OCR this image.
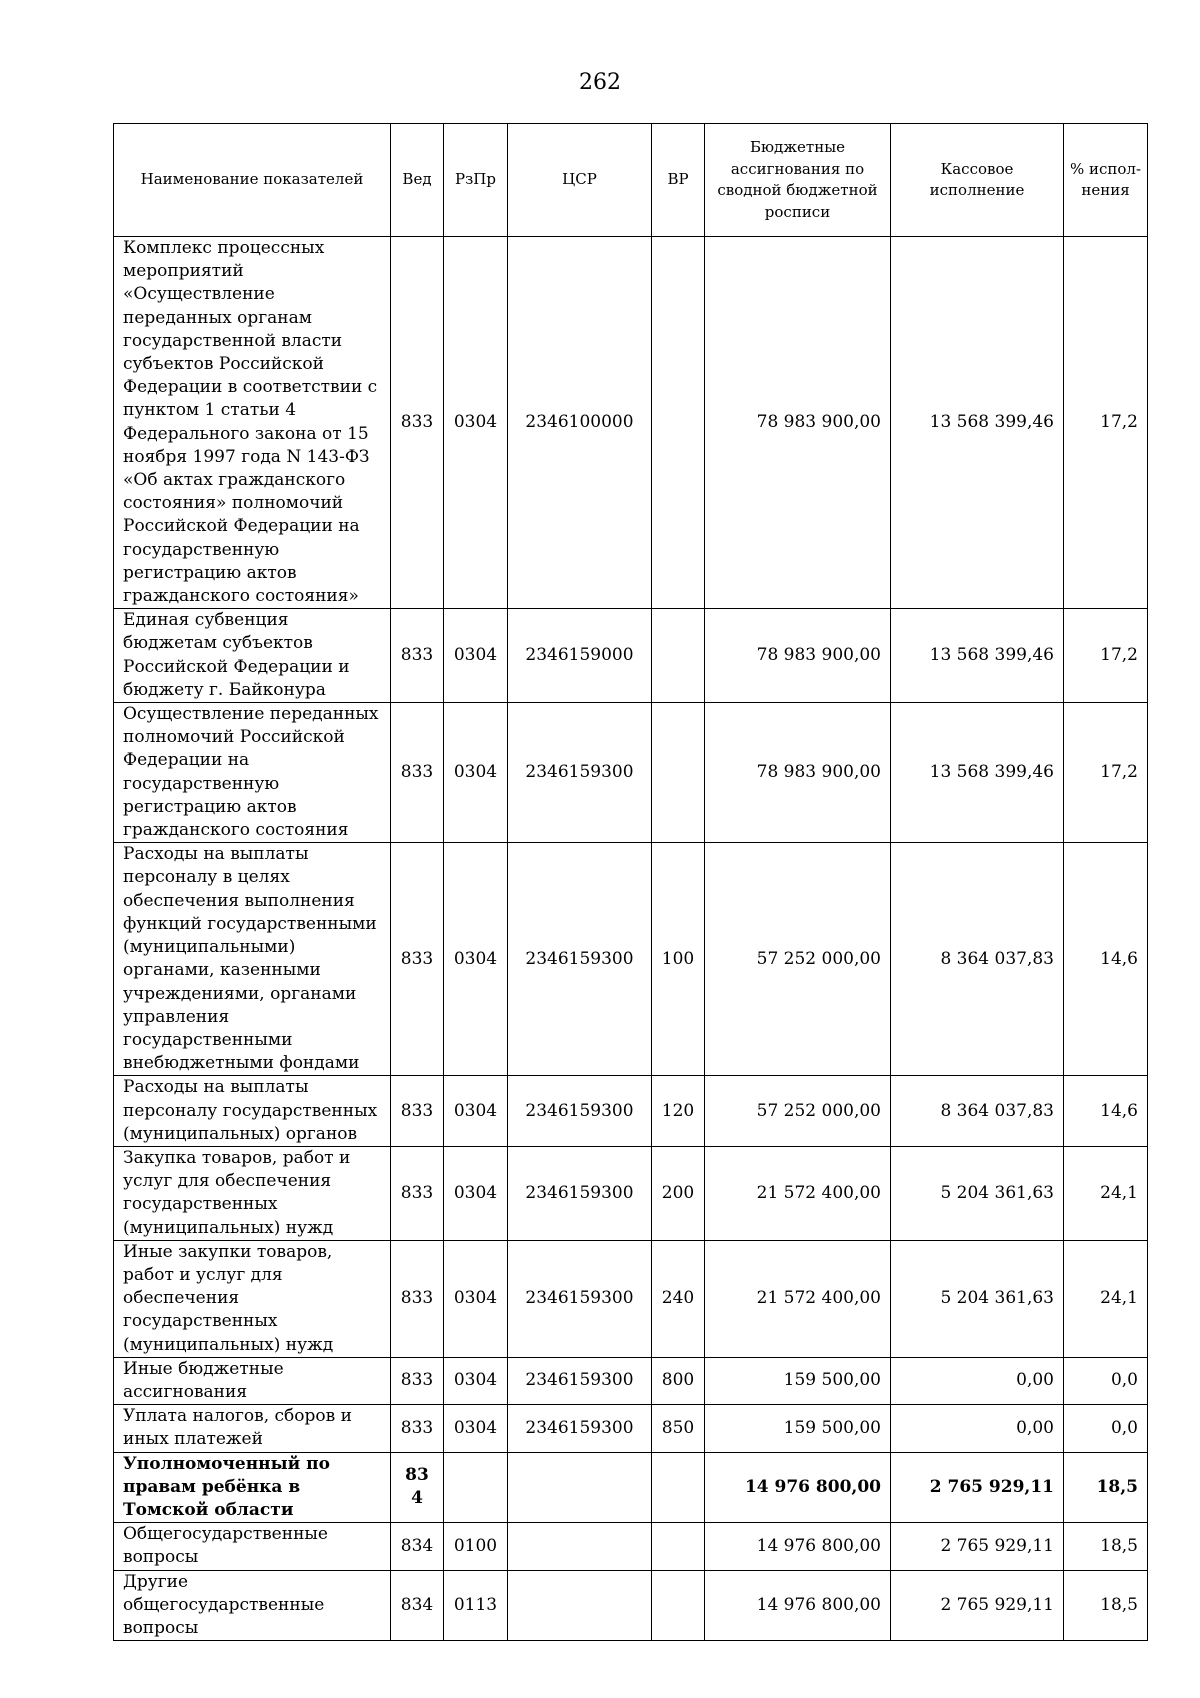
262
Наименование показателей	Вед	РзПр	ЦСР	ВР	Бюджетные ассигнования по сводной бюджетной росписи	Кассовое исполнение	% испол-нения
Комплекс процессных мероприятий «Осуществление переданных органам государственной власти субъектов Российской Федерации в соответствии с пунктом 1 статьи 4 Федерального закона от 15 ноября 1997 года N 143-ФЗ «Об актах гражданского состояния» полномочий Российской Федерации на государственную регистрацию актов гражданского состояния»	833	0304	2346100000		78 983 900,00	13 568 399,46	17,2
Единая субвенция бюджетам субъектов Российской Федерации и бюджету г. Байконура	833	0304	2346159000		78 983 900,00	13 568 399,46	17,2
Осуществление переданных полномочий Российской Федерации на государственную регистрацию актов гражданского состояния	833	0304	2346159300		78 983 900,00	13 568 399,46	17,2
Расходы на выплаты персоналу в целях обеспечения выполнения функций государственными (муниципальными) органами, казенными учреждениями, органами управления государственными внебюджетными фондами	833	0304	2346159300	100	57 252 000,00	8 364 037,83	14,6
Расходы на выплаты персоналу государственных (муниципальных) органов	833	0304	2346159300	120	57 252 000,00	8 364 037,83	14,6
Закупка товаров, работ и услуг для обеспечения государственных (муниципальных) нужд	833	0304	2346159300	200	21 572 400,00	5 204 361,63	24,1
Иные закупки товаров, работ и услуг для обеспечения государственных (муниципальных) нужд	833	0304	2346159300	240	21 572 400,00	5 204 361,63	24,1
Иные бюджетные ассигнования	833	0304	2346159300	800	159 500,00	0,00	0,0
Уплата налогов, сборов и иных платежей	833	0304	2346159300	850	159 500,00	0,00	0,0
Уполномоченный по правам ребёнка в Томской области	834				14 976 800,00	2 765 929,11	18,5
Общегосударственные вопросы	834	0100			14 976 800,00	2 765 929,11	18,5
Другие общегосударственные вопросы	834	0113			14 976 800,00	2 765 929,11	18,5
